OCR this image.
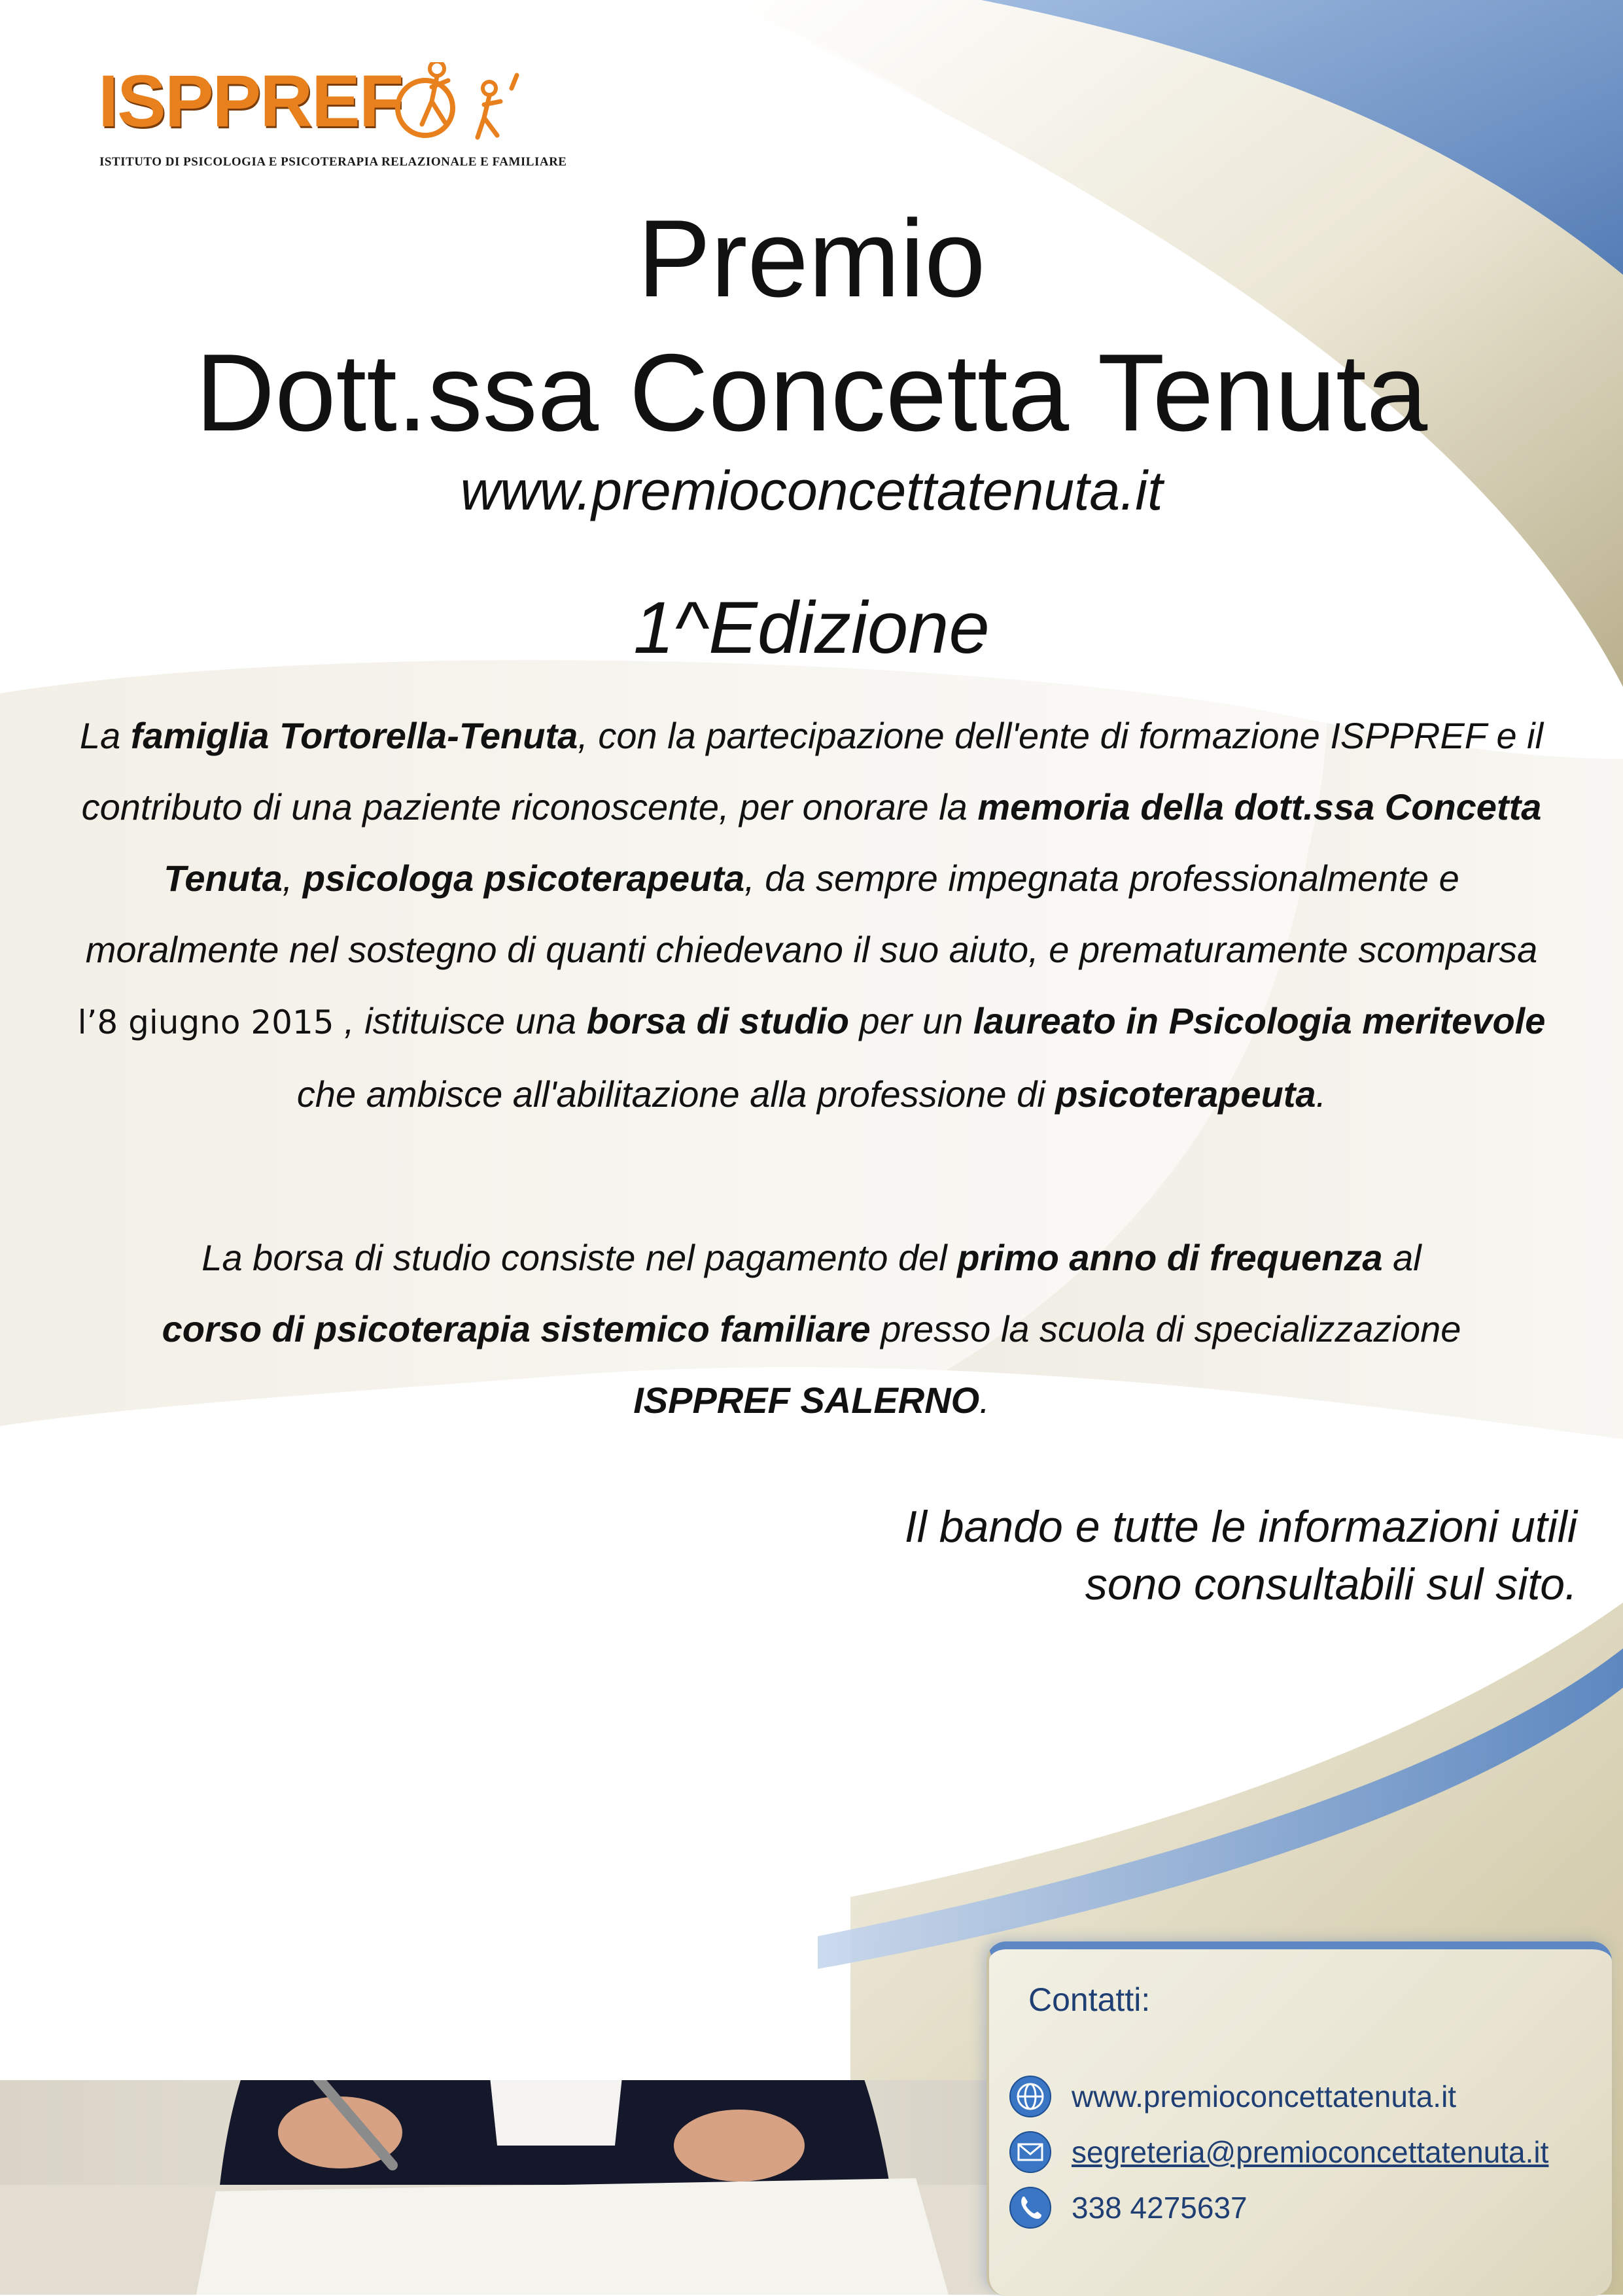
ISPPREF
ISTITUTO DI PSICOLOGIA E PSICOTERAPIA RELAZIONALE E FAMILIARE
Premio
Dott.ssa Concetta Tenuta
www.premioconcettatenuta.it
1^Edizione
La famiglia Tortorella-Tenuta, con la partecipazione dell'ente di formazione ISPPREF e il contributo di una paziente riconoscente, per onorare la memoria della dott.ssa Concetta Tenuta, psicologa psicoterapeuta, da sempre impegnata professionalmente e moralmente nel sostegno di quanti chiedevano il suo aiuto, e prematuramente scomparsa l’8 giugno 2015 , istituisce una borsa di studio per un laureato in Psicologia meritevole che ambisce all'abilitazione alla professione di psicoterapeuta.
La borsa di studio consiste nel pagamento del primo anno di frequenza al
corso di psicoterapia sistemico familiare presso la scuola di specializzazione
ISPPREF SALERNO.
Il bando e tutte le informazioni utili
sono consultabili sul sito.
Contatti:
www.premioconcettatenuta.it
segreteria@premioconcettatenuta.it
338 4275637
